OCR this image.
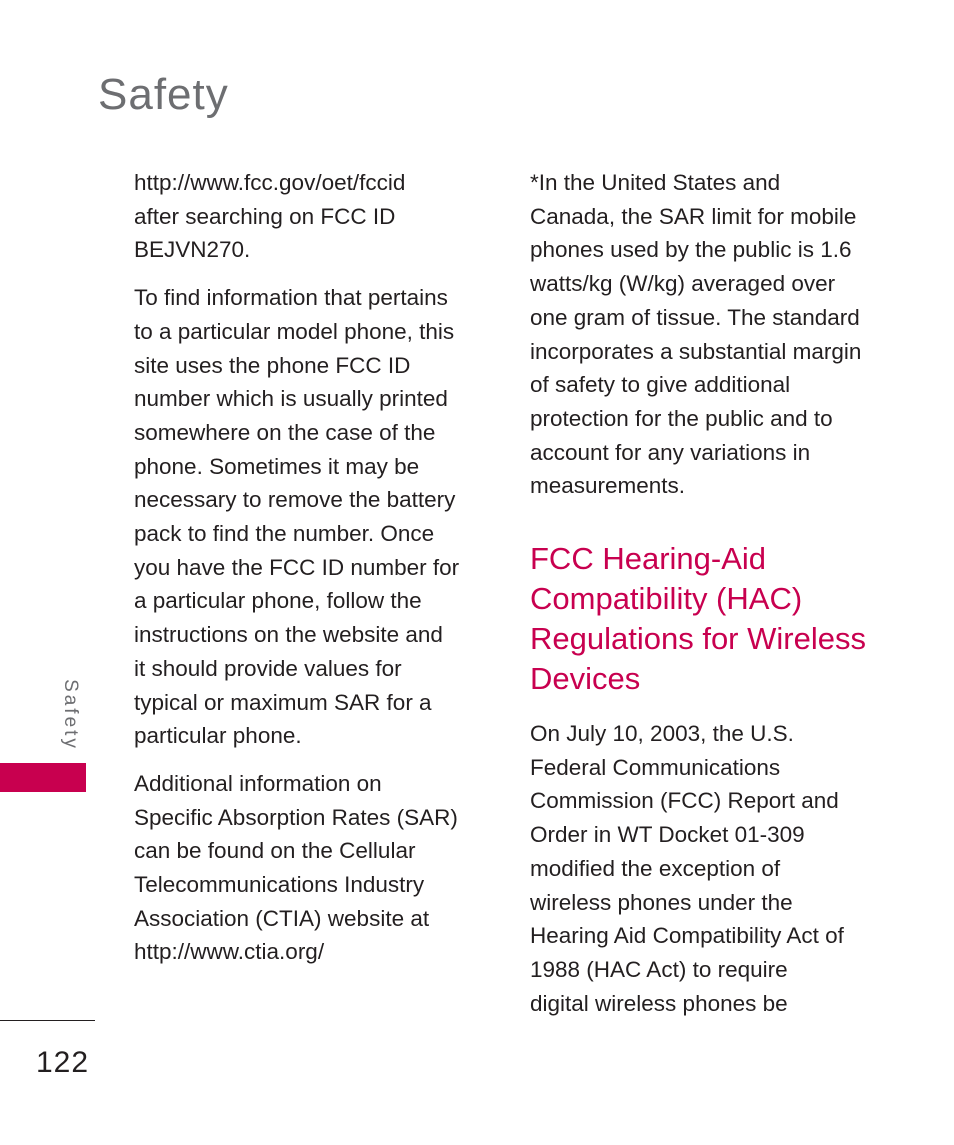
Safety

http://www.fcc.gov/oet/fccid
after searching on FCC ID
BEJVN270.

To find information that pertains
to a particular model phone, this
site uses the phone FCC ID
number which is usually printed
somewhere on the case of the
phone. Sometimes it may be
necessary to remove the battery
pack to find the number. Once
you have the FCC ID number for
a particular phone, follow the
instructions on the website and
it should provide values for
typical or maximum SAR for a
particular phone.

Additional information on
Specific Absorption Rates (SAR)
can be found on the Cellular
Telecommunications Industry
Association (CTIA) website at
http://www.ctia.org/

*In the United States and
Canada, the SAR limit for mobile
phones used by the public is 1.6
watts/kg (W/kg) averaged over
one gram of tissue. The standard
incorporates a substantial margin
of safety to give additional
protection for the public and to
account for any variations in
measurements.

FCC Hearing-Aid
Compatibility (HAC)
Regulations for Wireless
Devices

On July 10, 2003, the U.S.
Federal Communications
Commission (FCC) Report and
Order in WT Docket 01-309
modified the exception of
wireless phones under the
Hearing Aid Compatibility Act of
1988 (HAC Act) to require
digital wireless phones be

Safety
122
